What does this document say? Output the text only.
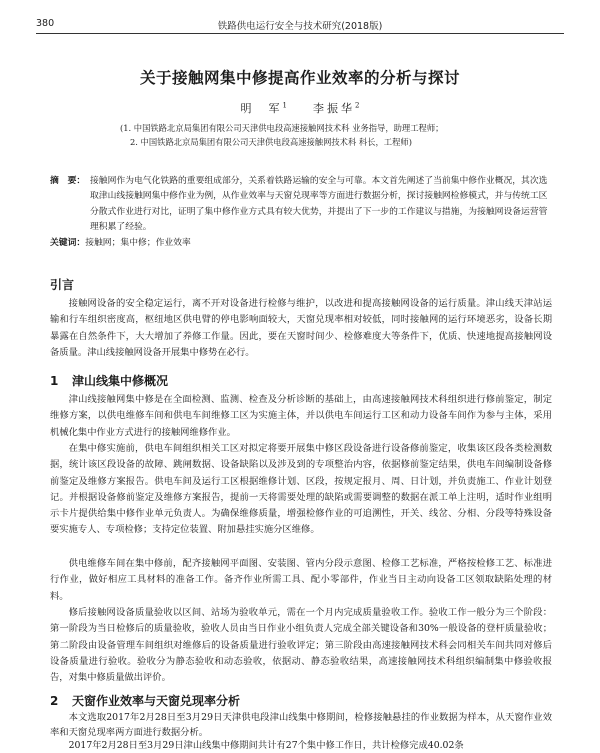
380	铁路供电运行安全与技术研究(2018版)
关于接触网集中修提高作业效率的分析与探讨
明　军$^1$ 李振华$^2$
(1. 中国铁路北京局集团有限公司天津供电段高速接触网技术科 业务指导，助理工程师；
2. 中国铁路北京局集团有限公司天津供电段高速接触网技术科 科长，工程师)
摘　要： 接触网作为电气化铁路的重要组成部分，关系着铁路运输的安全与可靠。本文首先阐述了当前集中修作业概况，其次选取津山线接触网集中修作业为例，从作业效率与天窗兑现率等方面进行数据分析，探讨接触网检修模式，并与传统工区分散式作业进行对比，证明了集中修作业方式具有较大优势，并提出了下一步的工作建议与措施，为接触网设备运营管理积累了经验。
关键词：接触网；集中修；作业效率
引言
接触网设备的安全稳定运行，离不开对设备进行检修与维护，以改进和提高接触网设备的运行质量。津山线天津站运输和行车组织密度高，枢纽地区供电臂的停电影响面较大，天窗兑现率相对较低，同时接触网的运行环境恶劣，设备长期暴露在自然条件下，大大增加了养修工作量。因此，要在天窗时间少、检修难度大等条件下，优质、快速地提高接触网设备质量。津山线接触网设备开展集中修势在必行。
1 津山线集中修概况
津山线接触网集中修是在全面检测、监测、检查及分析诊断的基础上，由高速接触网技术科组织进行修前鉴定，制定维修方案，以供电维修车间和供电车间维修工区为实施主体，并以供电车间运行工区和动力设备车间作为参与主体，采用机械化集中作业方式进行的接触网维修作业。
在集中修实施前，供电车间组织相关工区对拟定将要开展集中修区段设备进行设备修前鉴定，收集该区段各类检测数据，统计该区段设备的故障、跳闸数据、设备缺陷以及涉及到的专项整治内容，依据修前鉴定结果，供电车间编制设备修前鉴定及维修方案报告。供电车间及运行工区根据维修计划、区段，按规定报月、周、日计划，并负责施工、作业计划登记。并根据设备修前鉴定及维修方案报告，提前一天将需要处理的缺陷或需要调整的数据在派工单上注明，适时作业组明示卡片提供给集中修作业单元负责人。为确保维修质量，增强检修作业的可追溯性，开关、线岔、分相、分段等特殊设备要实施专人、专项检修；支持定位装置、附加悬挂实施分区维修。
供电维修车间在集中修前，配齐接触网平面图、安装图、管内分段示意图、检修工艺标准，严格按检修工艺、标准进行作业，做好相应工具材料的准备工作。备齐作业所需工具、配小零部件，作业当日主动向设备工区领取缺陷处理的材料。
修后接触网设备质量验收以区间、站场为验收单元，需在一个月内完成质量验收工作。验收工作一般分为三个阶段：第一阶段为当日检修后的质量验收，验收人员由当日作业小组负责人完成全部关键设备和30%一般设备的登杆质量验收；第二阶段由设备管理车间组织对维修后的设备质量进行验收评定；第三阶段由高速接触网技术科会同相关车间共同对修后设备质量进行验收。验收分为静态验收和动态验收，依据动、静态验收结果，高速接触网技术科组织编制集中修验收报告，对集中修质量做出评价。
2 天窗作业效率与天窗兑现率分析
本文选取2017年2月28日至3月29日天津供电段津山线集中修期间，检修接触悬挂的作业数据为样本，从天窗作业效率和天窗兑现率两方面进行数据分析。
2017年2月28日至3月29日津山线集中修期间共计有27个集中修工作日，共计检修完成40.02条
